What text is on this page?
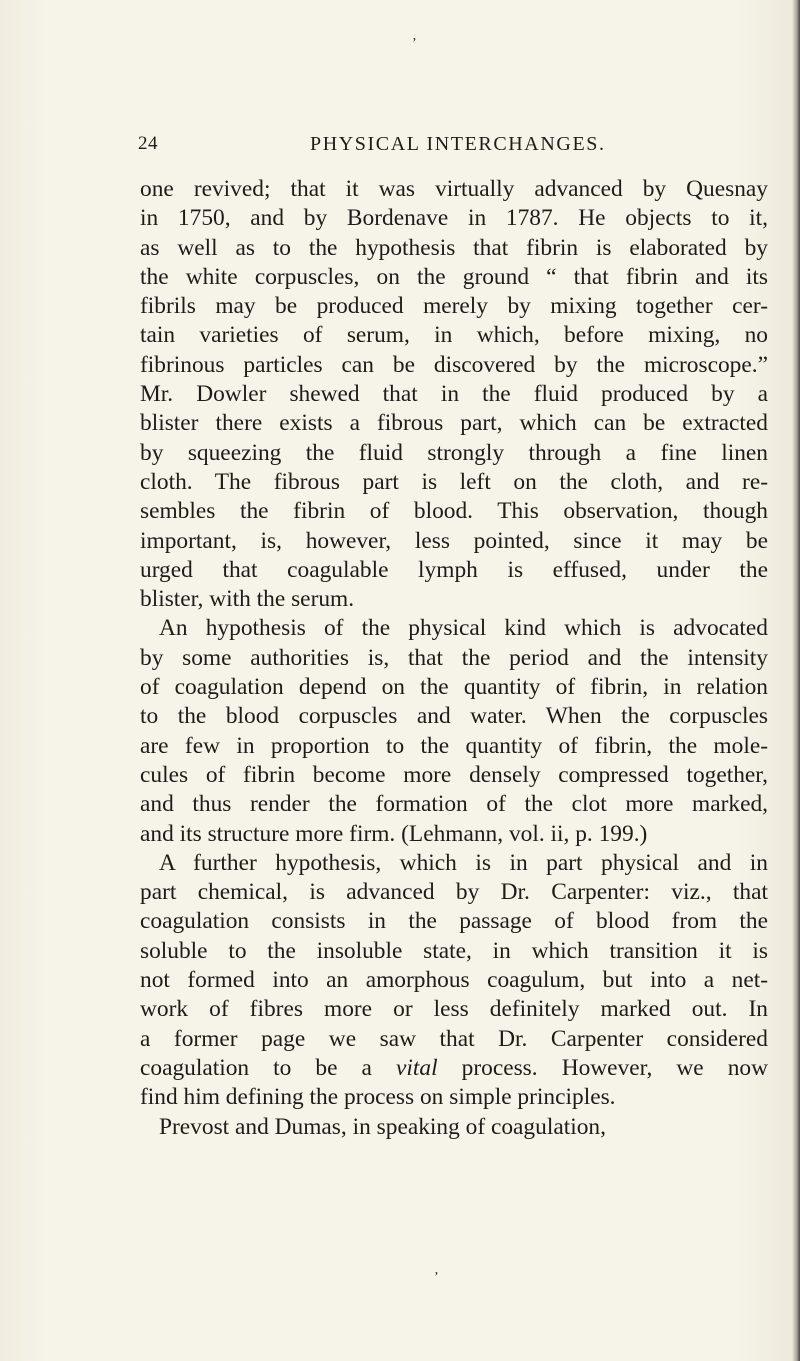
ʼ
ʼ
24	PHYSICAL INTERCHANGES.
one revived; that it was virtually advanced by Quesnay
in 1750, and by Bordenave in 1787. He objects to it,
as well as to the hypothesis that fibrin is elaborated by
the white corpuscles, on the ground “ that fibrin and its
fibrils may be produced merely by mixing together cer-
tain varieties of serum, in which, before mixing, no
fibrinous particles can be discovered by the microscope.”
Mr. Dowler shewed that in the fluid produced by a
blister there exists a fibrous part, which can be extracted
by squeezing the fluid strongly through a fine linen
cloth. The fibrous part is left on the cloth, and re-
sembles the fibrin of blood. This observation, though
important, is, however, less pointed, since it may be
urged that coagulable lymph is effused, under the
blister, with the serum.
An hypothesis of the physical kind which is advocated
by some authorities is, that the period and the intensity
of coagulation depend on the quantity of fibrin, in relation
to the blood corpuscles and water. When the corpuscles
are few in proportion to the quantity of fibrin, the mole-
cules of fibrin become more densely compressed together,
and thus render the formation of the clot more marked,
and its structure more firm. (Lehmann, vol. ii, p. 199.)
A further hypothesis, which is in part physical and in
part chemical, is advanced by Dr. Carpenter: viz., that
coagulation consists in the passage of blood from the
soluble to the insoluble state, in which transition it is
not formed into an amorphous coagulum, but into a net-
work of fibres more or less definitely marked out. In
a former page we saw that Dr. Carpenter considered
coagulation to be a vital process. However, we now
find him defining the process on simple principles.
Prevost and Dumas, in speaking of coagulation,
